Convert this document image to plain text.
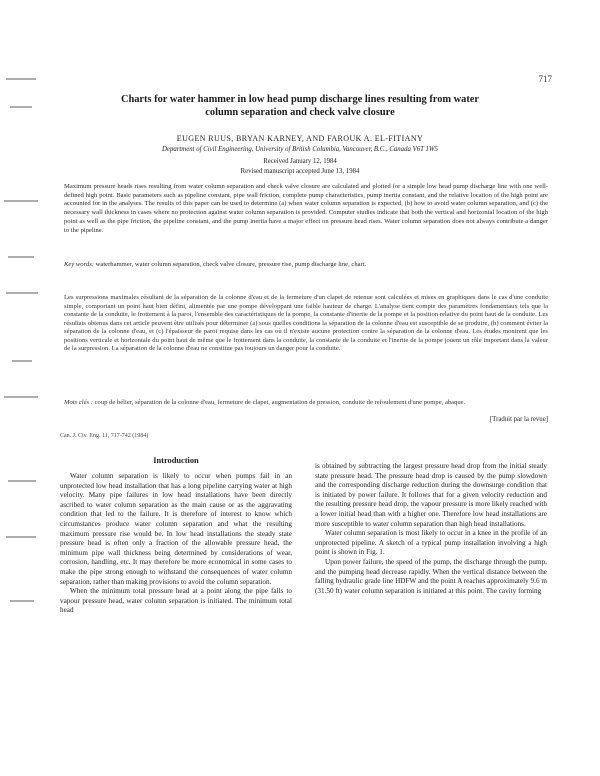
717
Charts for water hammer in low head pump discharge lines resulting from water column separation and check valve closure
EUGEN RUUS, BRYAN KARNEY, AND FAROUK A. EL-FITIANY
Department of Civil Engineering, University of British Columbia, Vancouver, B.C., Canada V6T 1W5
Received January 12, 1984
Revised manuscript accepted June 13, 1984
Maximum pressure heads rises resulting from water column separation and check valve closure are calculated and plotted for a simple low head pump discharge line with one well-defined high point. Basic parameters such as pipeline constant, pipe wall friction, complete pump characteristics, pump inertia constant, and the relative location of the high point are accounted for in the analyses. The results of this paper can be used to determine (a) when water column separation is expected, (b) how to avoid water column separation, and (c) the necessary wall thickness in cases where no protection against water column separation is provided. Computer studies indicate that both the vertical and horizontal location of the high point as well as the pipe friction, the pipeline constant, and the pump inertia have a major effect on pressure head rises. Water column separation does not always contribute a danger to the pipeline.
Key words: waterhammer, water column separation, check valve closure, pressure rise, pump discharge line, chart.
Les surpressions maximales résultant de la séparation de la colonne d'eau et de la fermeture d'un clapet de retenue sont calculées et mises en graphiques dans le cas d'une conduite simple, comportant un point haut bien défini, alimentée par une pompe développant une faible hauteur de charge. L'analyse tient compte des paramètres fondamentaux tels que la constante de la conduite, le frottement à la paroi, l'ensemble des caractéristiques de la pompe, la constante d'inertie de la pompe et la position relative du point haut de la conduite. Les résultats obtenus dans cet article peuvent être utilisés pour déterminer (a) sous quelles conditions la séparation de la colonne d'eau est susceptible de se produire, (b) comment éviter la séparation de la colonne d'eau, et (c) l'épaisseur de paroi requise dans les cas où il n'existe aucune protection contre la séparation de la colonne d'eau. Les études montrent que les positions verticale et horizontale du point haut de même que le frottement dans la conduite, la constante de la conduite et l'inertie de la pompe jouent un rôle important dans la valeur de la surpression. La séparation de la colonne d'eau ne constitue pas toujours un danger pour la conduite.
Mots clés : coup de bélier, séparation de la colonne d'eau, fermeture de clapet, augmentation de pression, conduite de refoulement d'une pompe, abaque.
[Traduit par la revue]
Can. J. Civ. Eng. 11, 717-742 (1984)
Introduction

Water column separation is likely to occur when pumps fail in an unprotected low head installation that has a long pipeline carrying water at high velocity. Many pipe failures in low head installations have been directly ascribed to water column separation as the main cause or as the aggravating condition that led to the failure. It is therefore of interest to know which circumstances produce water column separation and what the resulting maximum pressure rise would be. In low head installations the steady state pressure head is often only a fraction of the allowable pressure head, the minimum pipe wall thickness being determined by considerations of wear, corrosion, handling, etc. It may therefore be more economical in some cases to make the pipe strong enough to withstand the consequences of water column separation, rather than making provisions to avoid the column separation.

When the minimum total pressure head at a point along the pipe falls to vapour pressure head, water column separation is initiated. The minimum total head

is obtained by subtracting the largest pressure head drop from the initial steady state pressure head. The pressure head drop is caused by the pump slowdown and the corresponding discharge reduction during the downsurge condition that is initiated by power failure. It follows that for a given velocity reduction and the resulting pressure head drop, the vapour pressure is more likely reached with a lower initial head than with a higher one. Therefore low head installations are more susceptible to water column separation than high head installations.

Water column separation is most likely to occur in a knee in the profile of an unprotected pipeline. A sketch of a typical pump installation involving a high point is shown in Fig. 1.

Upon power failure, the speed of the pump, the discharge through the pump, and the pumping head decrease rapidly. When the vertical distance between the falling hydraulic grade line HDFW and the point A reaches approximately 9.6 m (31.50 ft) water column separation is initiated at this point. The cavity forming
